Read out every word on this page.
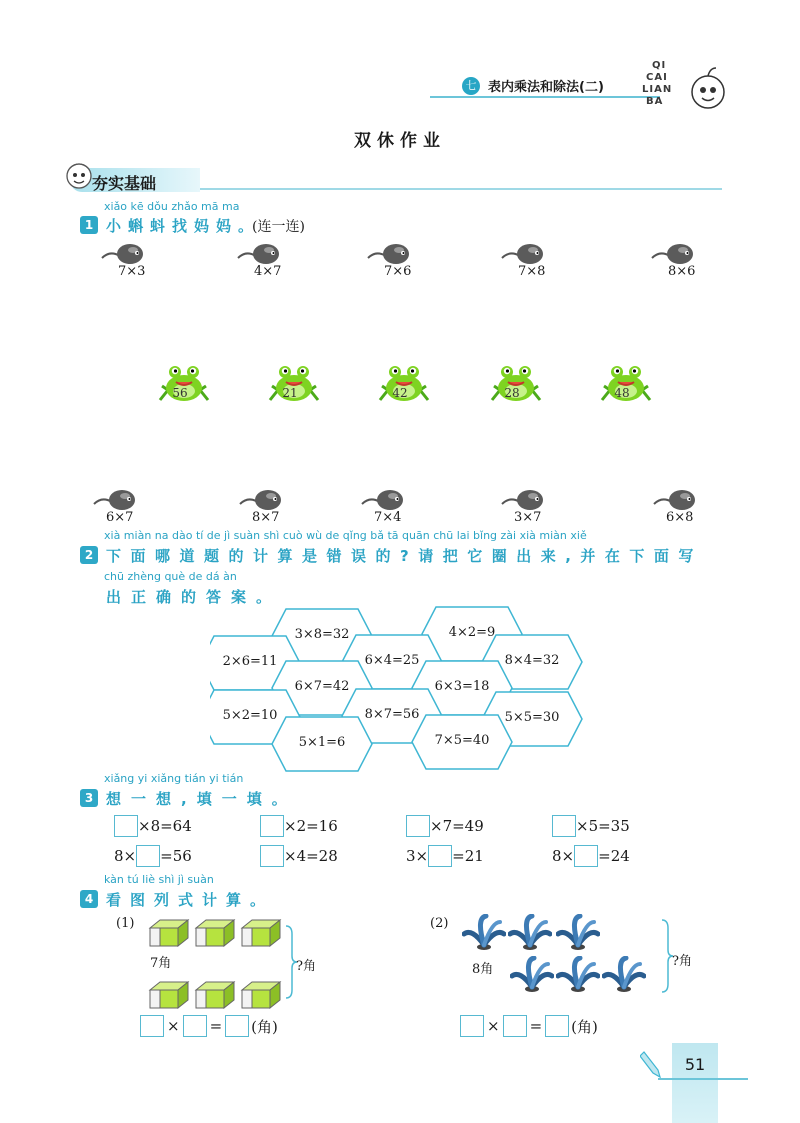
七 表内乘法和除法(二)
QI
CAI
LIAN
BA
双休作业
夯实基础
xiǎo kē dǒu zhǎo mā ma
1 小蝌蚪找妈妈。
(连一连)
7×3	4×7	7×6	7×8	8×6
56	21	42	28	48
6×7	8×7	7×4	3×7	6×8
xià miàn na dào tí de jì suàn shì cuò wù de qǐng bǎ tā quān chū lai bǐng zài xià miàn xiě
2 下面哪道题的计算是错误的?请把它圈出来,并在下面写
chū zhèng què de dá àn
出正确的答案。
3×8=32	4×2=9
2×6=11	6×4=25	8×4=32
6×7=42	6×3=18
5×2=10	8×7=56	5×5=30
5×1=6	7×5=40
xiǎng yi xiǎng tián yi tián
3 想一想,填一填。
×8=64	×2=16	×7=49	×5=35
8× =56	×4=28	3× =21	8× =24
kàn tú liè shì jì suàn
4 看图列式计算。
(1)
7角	?角
× = (角)
(2)
8角
?角
× = (角)
51
